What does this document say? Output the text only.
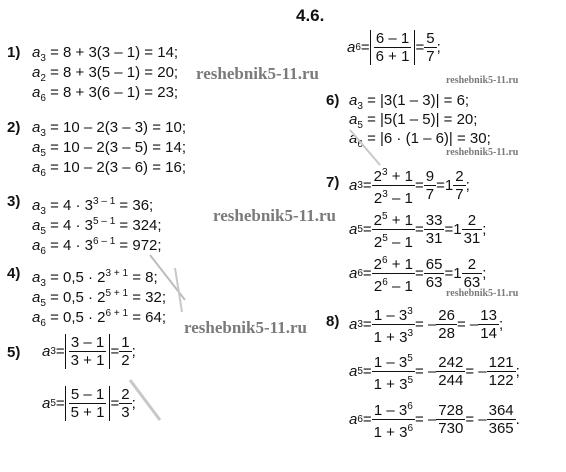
4.6.
reshebnik5-11.ru
reshebnik5-11.ru
reshebnik5-11.ru
reshebnik5-11.ru
reshebnik5-11.ru
reshebnik5-11.ru
1) $a_3 = 8 + 3(3 - 1) = 14$;
$a_2 = 8 + 3(5 - 1) = 20$;
$a_6 = 8 + 3(6 - 1) = 23$;
2) $a_3 = 10 - 2(3 - 3) = 10$;
$a_5 = 10 - 2(3 - 5) = 14$;
$a_6 = 10 - 2(3 - 6) = 16$;
3) $a_3 = 4 \cdot 3^{3 - 1} = 36$;
$a_5 = 4 \cdot 3^{5 - 1} = 324$;
$a_6 = 4 \cdot 3^{6 - 1} = 972$;
4) $a_3 = 0,5 \cdot 2^{3 + 1} = 8$;
$a_5 = 0,5 \cdot 2^{5 + 1} = 32$;
$a_6 = 0,5 \cdot 2^{6 + 1} = 64$;
5) a $3 = \frac{3 - 1}{3 + 1} = \frac{1}{2}$ ;
a $5 = \frac{5 - 1}{5 + 1} = \frac{2}{3}$ ;
a $6 = \frac{6 - 1}{6 + 1} = \frac{5}{7}$ ;
6) $a_3 = |3(1 - 3)| = 6$;
$a_5 = |5(1 - 5)| = 20$;
$a_6 = |6 \cdot (1 - 6)| = 30$;
7) a $3 = \frac{2^3 + 1}{2^3 - 1} = \frac{9}{7} = 1 \frac{2}{7}$ ;
a $5 = \frac{2^5 + 1}{2^5 - 1} = \frac{33}{31} = 1 \frac{2}{31}$ ;
a $6 = \frac{2^6 + 1}{2^6 - 1} = \frac{65}{63} = 1 \frac{2}{63}$ ;
8) a $3 = \frac{1 - 3^3}{1 + 3^3}$ = – $\frac{26}{28}$ = – $\frac{13}{14}$ ;
a $5 = \frac{1 - 3^5}{1 + 3^5}$ = – $\frac{242}{244}$ = – $\frac{121}{122}$ ;
a $6 = \frac{1 - 3^6}{1 + 3^6}$ = – $\frac{728}{730}$ = – $\frac{364}{365}$ .
